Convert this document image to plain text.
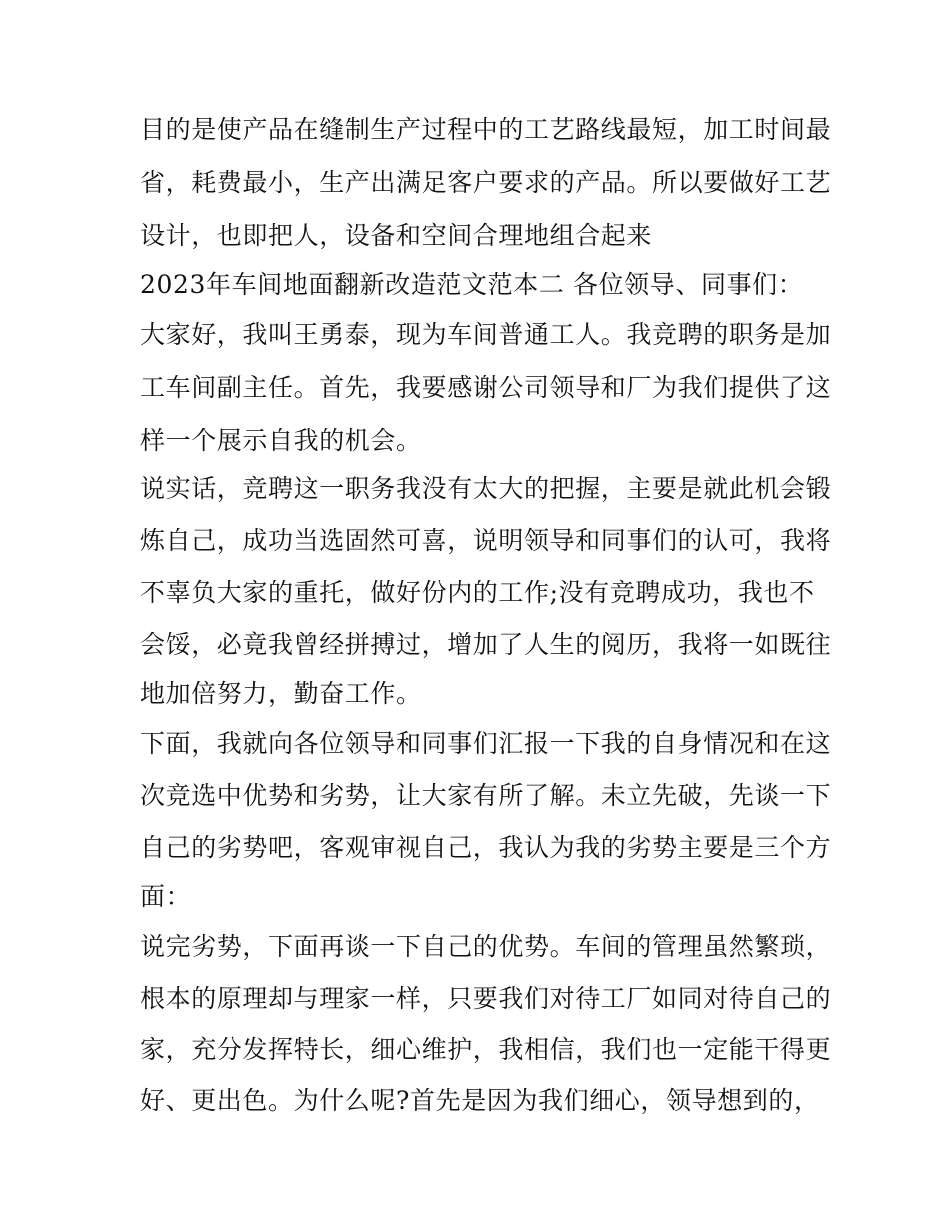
目的是使产品在缝制生产过程中的工艺路线最短，加工时间最
省，耗费最小，生产出满足客户要求的产品。所以要做好工艺
设计，也即把人，设备和空间合理地组合起来
2023年车间地面翻新改造范文范本二 各位领导、同事们：
大家好，我叫王勇泰，现为车间普通工人。我竞聘的职务是加
工车间副主任。首先，我要感谢公司领导和厂为我们提供了这
样一个展示自我的机会。
说实话，竞聘这一职务我没有太大的把握，主要是就此机会锻
炼自己，成功当选固然可喜，说明领导和同事们的认可，我将
不辜负大家的重托，做好份内的工作;没有竞聘成功，我也不
会馁，必竟我曾经拼搏过，增加了人生的阅历，我将一如既往
地加倍努力，勤奋工作。
下面，我就向各位领导和同事们汇报一下我的自身情况和在这
次竞选中优势和劣势，让大家有所了解。未立先破，先谈一下
自己的劣势吧，客观审视自己，我认为我的劣势主要是三个方
面：
说完劣势，下面再谈一下自己的优势。车间的管理虽然繁琐，
根本的原理却与理家一样，只要我们对待工厂如同对待自己的
家，充分发挥特长，细心维护，我相信，我们也一定能干得更
好、更出色。为什么呢?首先是因为我们细心，领导想到的，
